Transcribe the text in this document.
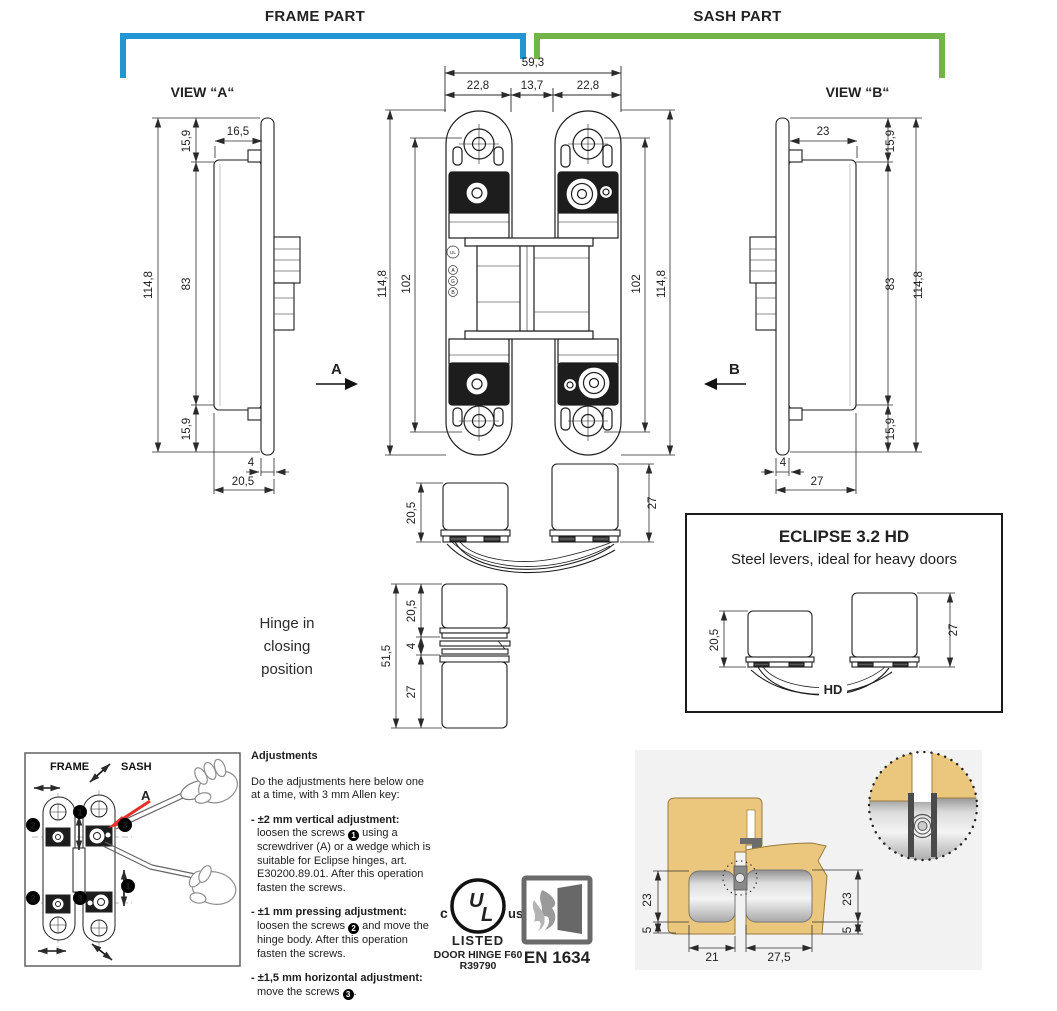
59,3
22,8	13,7	22,8
114,8
15,9
83
15,9
16,5
4
20,5
A
UL
A
G
B
114,8 102	102 114,8
23	15,9
83
15,9
114,8
4
27
B
20,5	27
51,5
20,5
4
27	HD
20,5	27
A
1
2	3
1
2	3	U
L
c	us
LISTED
DOOR HINGE F60
R39790 EN 1634
23
5
23
5
21	27,5
FRAME PART	SASH PART
VIEW “A“	VIEW “B“
Hinge in
closing
position
ECLIPSE 3.2 HD
Steel levers, ideal for heavy doors
FRAME	SASH
Adjustments

Do the adjustments here below one at a time, with 3 mm Allen key:

- ±2 mm vertical adjustment:
loosen the screws 1 using a screwdriver (A) or a wedge which is suitable for Eclipse hinges, art. E30200.89.01. After this operation fasten the screws.

- ±1 mm pressing adjustment:
loosen the screws 2 and move the hinge body. After this operation fasten the screws.

- ±1,5 mm horizontal adjustment:
move the screws 3 .
